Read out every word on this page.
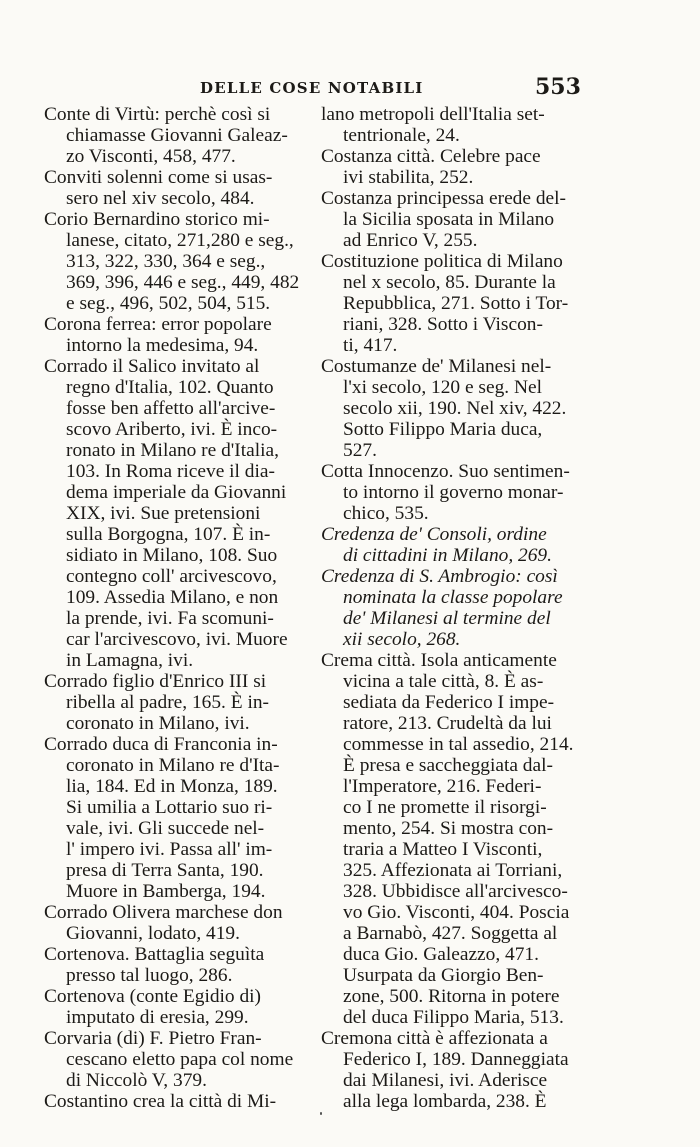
DELLE COSE NOTABILI	553

Conte di Virtù: perchè così si
chiamasse Giovanni Galeaz-
zo Visconti, 458, 477.

Conviti solenni come si usas-
sero nel xiv secolo, 484.

Corio Bernardino storico mi-
lanese, citato, 271,280 e seg.,
313, 322, 330, 364 e seg.,
369, 396, 446 e seg., 449, 482
e seg., 496, 502, 504, 515.

Corona ferrea: error popolare
intorno la medesima, 94.

Corrado il Salico invitato al
regno d'Italia, 102. Quanto
fosse ben affetto all'arcive-
scovo Ariberto, ivi. È inco-
ronato in Milano re d'Italia,
103. In Roma riceve il dia-
dema imperiale da Giovanni
XIX, ivi. Sue pretensioni
sulla Borgogna, 107. È in-
sidiato in Milano, 108. Suo
contegno coll' arcivescovo,
109. Assedia Milano, e non
la prende, ivi. Fa scomuni-
car l'arcivescovo, ivi. Muore
in Lamagna, ivi.

Corrado figlio d'Enrico III si
ribella al padre, 165. È in-
coronato in Milano, ivi.

Corrado duca di Franconia in-
coronato in Milano re d'Ita-
lia, 184. Ed in Monza, 189.
Si umilia a Lottario suo ri-
vale, ivi. Gli succede nel-
l' impero ivi. Passa all' im-
presa di Terra Santa, 190.
Muore in Bamberga, 194.

Corrado Olivera marchese don
Giovanni, lodato, 419.

Cortenova. Battaglia seguìta
presso tal luogo, 286.

Cortenova (conte Egidio di)
imputato di eresia, 299.

Corvaria (di) F. Pietro Fran-
cescano eletto papa col nome
di Niccolò V, 379.

Costantino crea la città di Mi-

lano metropoli dell'Italia set-
tentrionale, 24.

Costanza città. Celebre pace
ivi stabilita, 252.

Costanza principessa erede del-
la Sicilia sposata in Milano
ad Enrico V, 255.

Costituzione politica di Milano
nel x secolo, 85. Durante la
Repubblica, 271. Sotto i Tor-
riani, 328. Sotto i Viscon-
ti, 417.

Costumanze de' Milanesi nel-
l'xi secolo, 120 e seg. Nel
secolo xii, 190. Nel xiv, 422.
Sotto Filippo Maria duca,
527.

Cotta Innocenzo. Suo sentimen-
to intorno il governo monar-
chico, 535.

Credenza de' Consoli, ordine
di cittadini in Milano, 269.

Credenza di S. Ambrogio: così
nominata la classe popolare
de' Milanesi al termine del
xii secolo, 268.

Crema città. Isola anticamente
vicina a tale città, 8. È as-
sediata da Federico I impe-
ratore, 213. Crudeltà da lui
commesse in tal assedio, 214.
È presa e saccheggiata dal-
l'Imperatore, 216. Federi-
co I ne promette il risorgi-
mento, 254. Si mostra con-
traria a Matteo I Visconti,
325. Affezionata ai Torriani,
328. Ubbidisce all'arcivesco-
vo Gio. Visconti, 404. Poscia
a Barnabò, 427. Soggetta al
duca Gio. Galeazzo, 471.
Usurpata da Giorgio Ben-
zone, 500. Ritorna in potere
del duca Filippo Maria, 513.

Cremona città è affezionata a
Federico I, 189. Danneggiata
dai Milanesi, ivi. Aderisce
alla lega lombarda, 238. È
